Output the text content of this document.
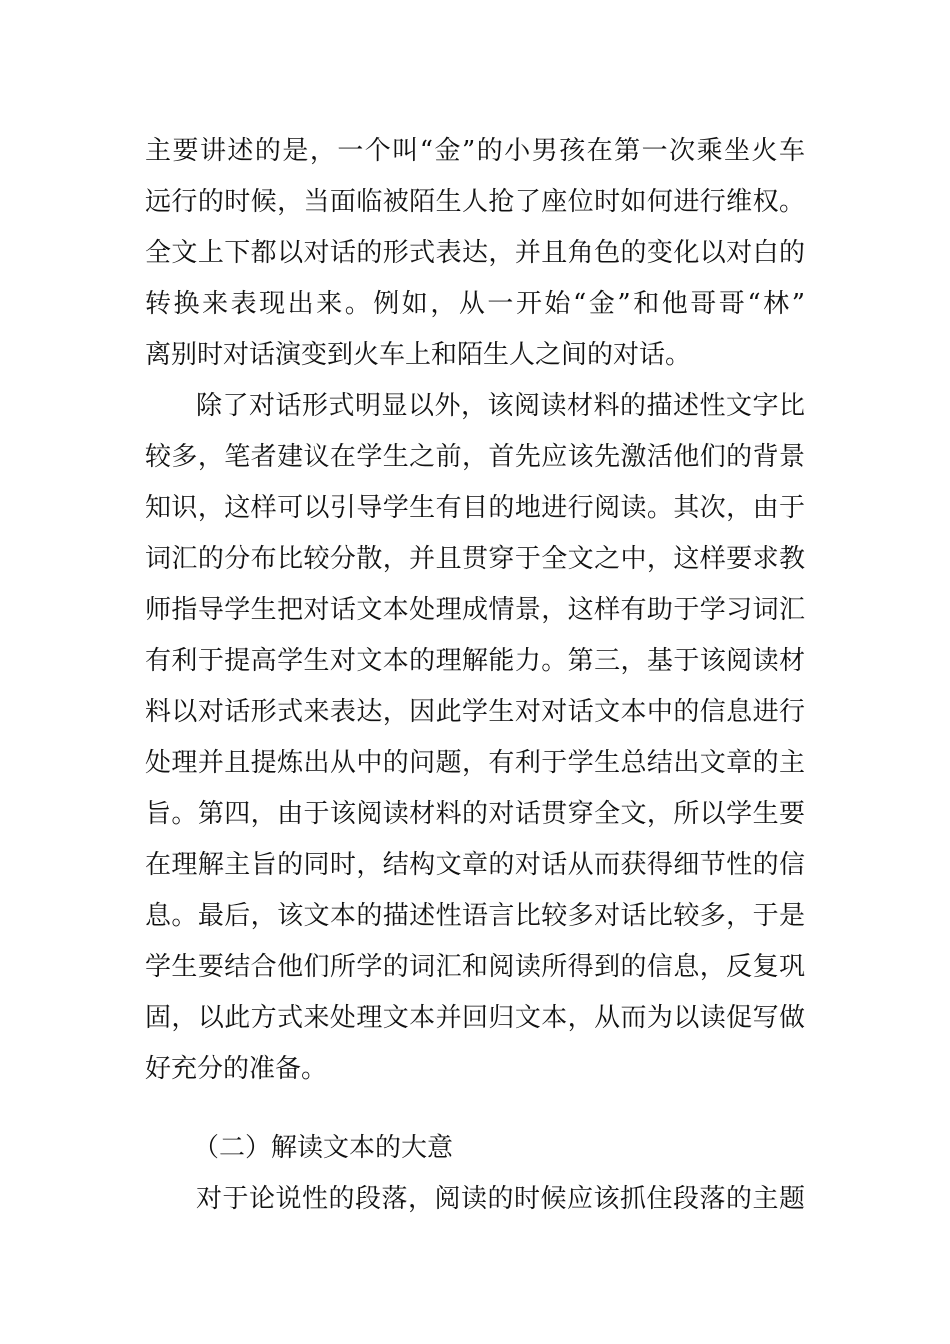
主要讲述的是，一个叫“金”的小男孩在第一次乘坐火车
远行的时候，当面临被陌生人抢了座位时如何进行维权。
全文上下都以对话的形式表达，并且角色的变化以对白的
转换来表现出来。例如，从一开始“金”和他哥哥“林”
离别时对话演变到火车上和陌生人之间的对话。
除了对话形式明显以外，该阅读材料的描述性文字比
较多，笔者建议在学生之前，首先应该先激活他们的背景
知识，这样可以引导学生有目的地进行阅读。其次，由于
词汇的分布比较分散，并且贯穿于全文之中，这样要求教
师指导学生把对话文本处理成情景，这样有助于学习词汇
有利于提高学生对文本的理解能力。第三，基于该阅读材
料以对话形式来表达，因此学生对对话文本中的信息进行
处理并且提炼出从中的问题，有利于学生总结出文章的主
旨。第四，由于该阅读材料的对话贯穿全文，所以学生要
在理解主旨的同时，结构文章的对话从而获得细节性的信
息。最后，该文本的描述性语言比较多对话比较多，于是
学生要结合他们所学的词汇和阅读所得到的信息，反复巩
固，以此方式来处理文本并回归文本，从而为以读促写做
好充分的准备。
（二）解读文本的大意
对于论说性的段落，阅读的时候应该抓住段落的主题
